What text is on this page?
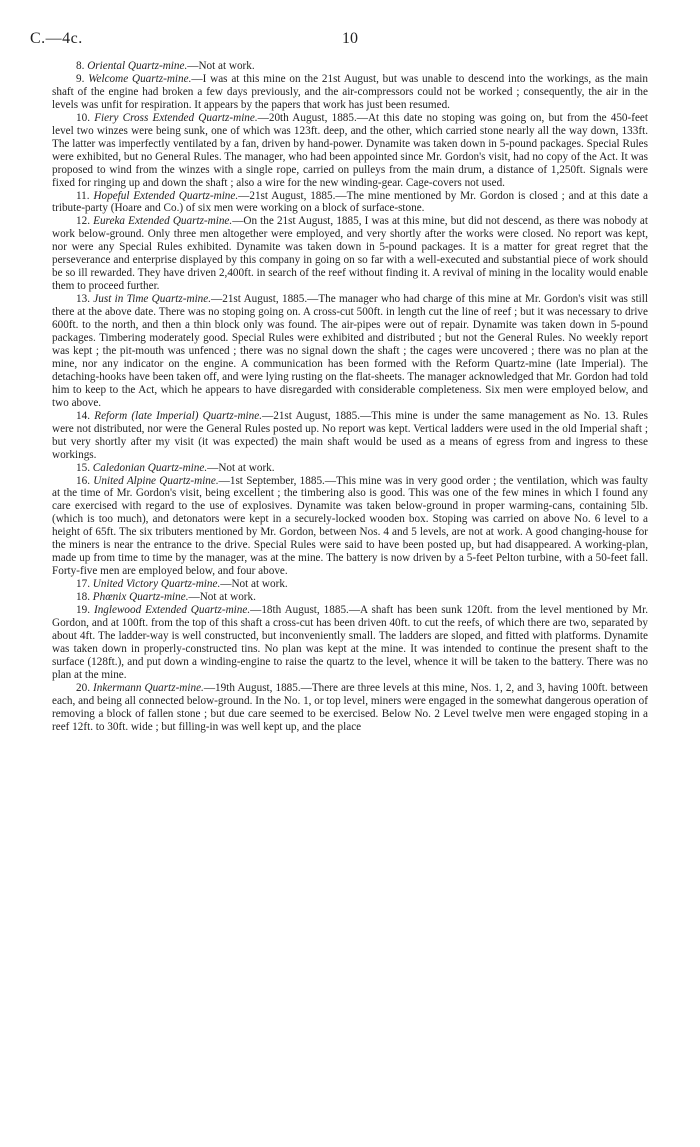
C.—4c.	10

8. Oriental Quartz-mine.—Not at work.

9. Welcome Quartz-mine.—I was at this mine on the 21st August, but was unable to descend into the workings, as the main shaft of the engine had broken a few days previously, and the air-compressors could not be worked ; consequently, the air in the levels was unfit for respiration. It appears by the papers that work has just been resumed.

10. Fiery Cross Extended Quartz-mine.—20th August, 1885.—At this date no stoping was going on, but from the 450-feet level two winzes were being sunk, one of which was 123ft. deep, and the other, which carried stone nearly all the way down, 133ft. The latter was imperfectly ventilated by a fan, driven by hand-power. Dynamite was taken down in 5-pound packages. Special Rules were exhibited, but no General Rules. The manager, who had been appointed since Mr. Gordon's visit, had no copy of the Act. It was proposed to wind from the winzes with a single rope, carried on pulleys from the main drum, a distance of 1,250ft. Signals were fixed for ringing up and down the shaft ; also a wire for the new winding-gear. Cage-covers not used.

11. Hopeful Extended Quartz-mine.—21st August, 1885.—The mine mentioned by Mr. Gordon is closed ; and at this date a tribute-party (Hoare and Co.) of six men were working on a block of surface-stone.

12. Eureka Extended Quartz-mine.—On the 21st August, 1885, I was at this mine, but did not descend, as there was nobody at work below-ground. Only three men altogether were employed, and very shortly after the works were closed. No report was kept, nor were any Special Rules exhibited. Dynamite was taken down in 5-pound packages. It is a matter for great regret that the perseverance and enterprise displayed by this company in going on so far with a well-executed and substantial piece of work should be so ill rewarded. They have driven 2,400ft. in search of the reef without finding it. A revival of mining in the locality would enable them to proceed further.

13. Just in Time Quartz-mine.—21st August, 1885.—The manager who had charge of this mine at Mr. Gordon's visit was still there at the above date. There was no stoping going on. A cross-cut 500ft. in length cut the line of reef ; but it was necessary to drive 600ft. to the north, and then a thin block only was found. The air-pipes were out of repair. Dynamite was taken down in 5-pound packages. Timbering moderately good. Special Rules were exhibited and distributed ; but not the General Rules. No weekly report was kept ; the pit-mouth was unfenced ; there was no signal down the shaft ; the cages were uncovered ; there was no plan at the mine, nor any indicator on the engine. A communication has been formed with the Reform Quartz-mine (late Imperial). The detaching-hooks have been taken off, and were lying rusting on the flat-sheets. The manager acknowledged that Mr. Gordon had told him to keep to the Act, which he appears to have disregarded with considerable completeness. Six men were employed below, and two above.

14. Reform (late Imperial) Quartz-mine.—21st August, 1885.—This mine is under the same management as No. 13. Rules were not distributed, nor were the General Rules posted up. No report was kept. Vertical ladders were used in the old Imperial shaft ; but very shortly after my visit (it was expected) the main shaft would be used as a means of egress from and ingress to these workings.

15. Caledonian Quartz-mine.—Not at work.

16. United Alpine Quartz-mine.—1st September, 1885.—This mine was in very good order ; the ventilation, which was faulty at the time of Mr. Gordon's visit, being excellent ; the timbering also is good. This was one of the few mines in which I found any care exercised with regard to the use of explosives. Dynamite was taken below-ground in proper warming-cans, containing 5lb. (which is too much), and detonators were kept in a securely-locked wooden box. Stoping was carried on above No. 6 level to a height of 65ft. The six tributers mentioned by Mr. Gordon, between Nos. 4 and 5 levels, are not at work. A good changing-house for the miners is near the entrance to the drive. Special Rules were said to have been posted up, but had disappeared. A working-plan, made up from time to time by the manager, was at the mine. The battery is now driven by a 5-feet Pelton turbine, with a 50-feet fall. Forty-five men are employed below, and four above.

17. United Victory Quartz-mine.—Not at work.

18. Phœnix Quartz-mine.—Not at work.

19. Inglewood Extended Quartz-mine.—18th August, 1885.—A shaft has been sunk 120ft. from the level mentioned by Mr. Gordon, and at 100ft. from the top of this shaft a cross-cut has been driven 40ft. to cut the reefs, of which there are two, separated by about 4ft. The ladder-way is well constructed, but inconveniently small. The ladders are sloped, and fitted with platforms. Dynamite was taken down in properly-constructed tins. No plan was kept at the mine. It was intended to continue the present shaft to the surface (128ft.), and put down a winding-engine to raise the quartz to the level, whence it will be taken to the battery. There was no plan at the mine.

20. Inkermann Quartz-mine.—19th August, 1885.—There are three levels at this mine, Nos. 1, 2, and 3, having 100ft. between each, and being all connected below-ground. In the No. 1, or top level, miners were engaged in the somewhat dangerous operation of removing a block of fallen stone ; but due care seemed to be exercised. Below No. 2 Level twelve men were engaged stoping in a reef 12ft. to 30ft. wide ; but filling-in was well kept up, and the place
